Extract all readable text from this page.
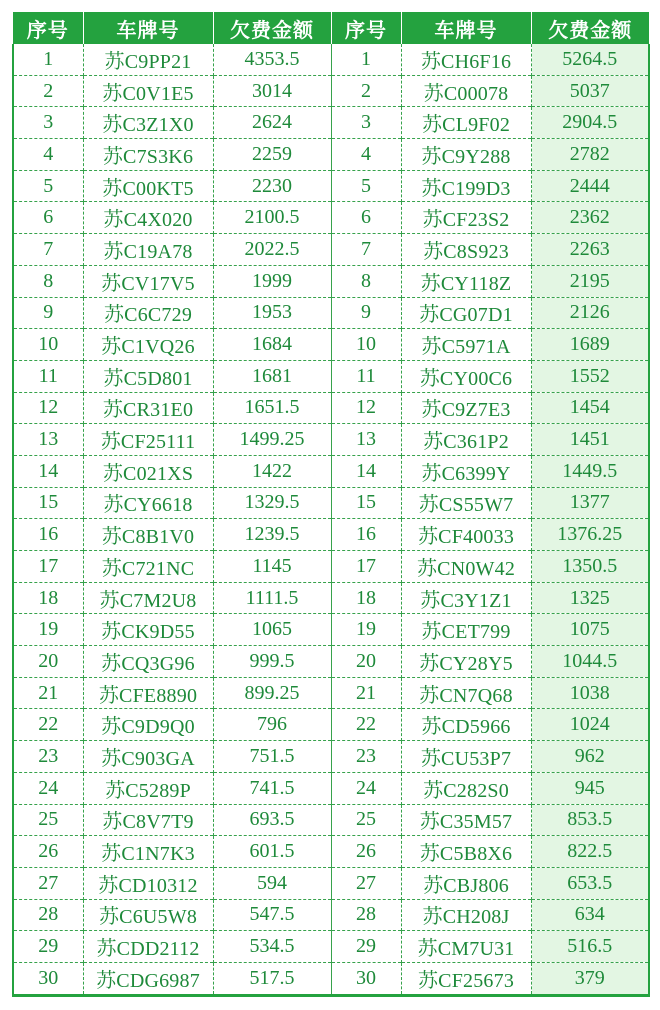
序号	车牌号	欠费金额	序号	车牌号	欠费金额
1	苏C9PP21	4353.5	1	苏CH6F16	5264.5
2	苏C0V1E5	3014	2	苏C00078	5037
3	苏C3Z1X0	2624	3	苏CL9F02	2904.5
4	苏C7S3K6	2259	4	苏C9Y288	2782
5	苏C00KT5	2230	5	苏C199D3	2444
6	苏C4X020	2100.5	6	苏CF23S2	2362
7	苏C19A78	2022.5	7	苏C8S923	2263
8	苏CV17V5	1999	8	苏CY118Z	2195
9	苏C6C729	1953	9	苏CG07D1	2126
10	苏C1VQ26	1684	10	苏C5971A	1689
11	苏C5D801	1681	11	苏CY00C6	1552
12	苏CR31E0	1651.5	12	苏C9Z7E3	1454
13	苏CF25111	1499.25	13	苏C361P2	1451
14	苏C021XS	1422	14	苏C6399Y	1449.5
15	苏CY6618	1329.5	15	苏CS55W7	1377
16	苏C8B1V0	1239.5	16	苏CF40033	1376.25
17	苏C721NC	1145	17	苏CN0W42	1350.5
18	苏C7M2U8	1111.5	18	苏C3Y1Z1	1325
19	苏CK9D55	1065	19	苏CET799	1075
20	苏CQ3G96	999.5	20	苏CY28Y5	1044.5
21	苏CFE8890	899.25	21	苏CN7Q68	1038
22	苏C9D9Q0	796	22	苏CD5966	1024
23	苏C903GA	751.5	23	苏CU53P7	962
24	苏C5289P	741.5	24	苏C282S0	945
25	苏C8V7T9	693.5	25	苏C35M57	853.5
26	苏C1N7K3	601.5	26	苏C5B8X6	822.5
27	苏CD10312	594	27	苏CBJ806	653.5
28	苏C6U5W8	547.5	28	苏CH208J	634
29	苏CDD2112	534.5	29	苏CM7U31	516.5
30	苏CDG6987	517.5	30	苏CF25673	379
